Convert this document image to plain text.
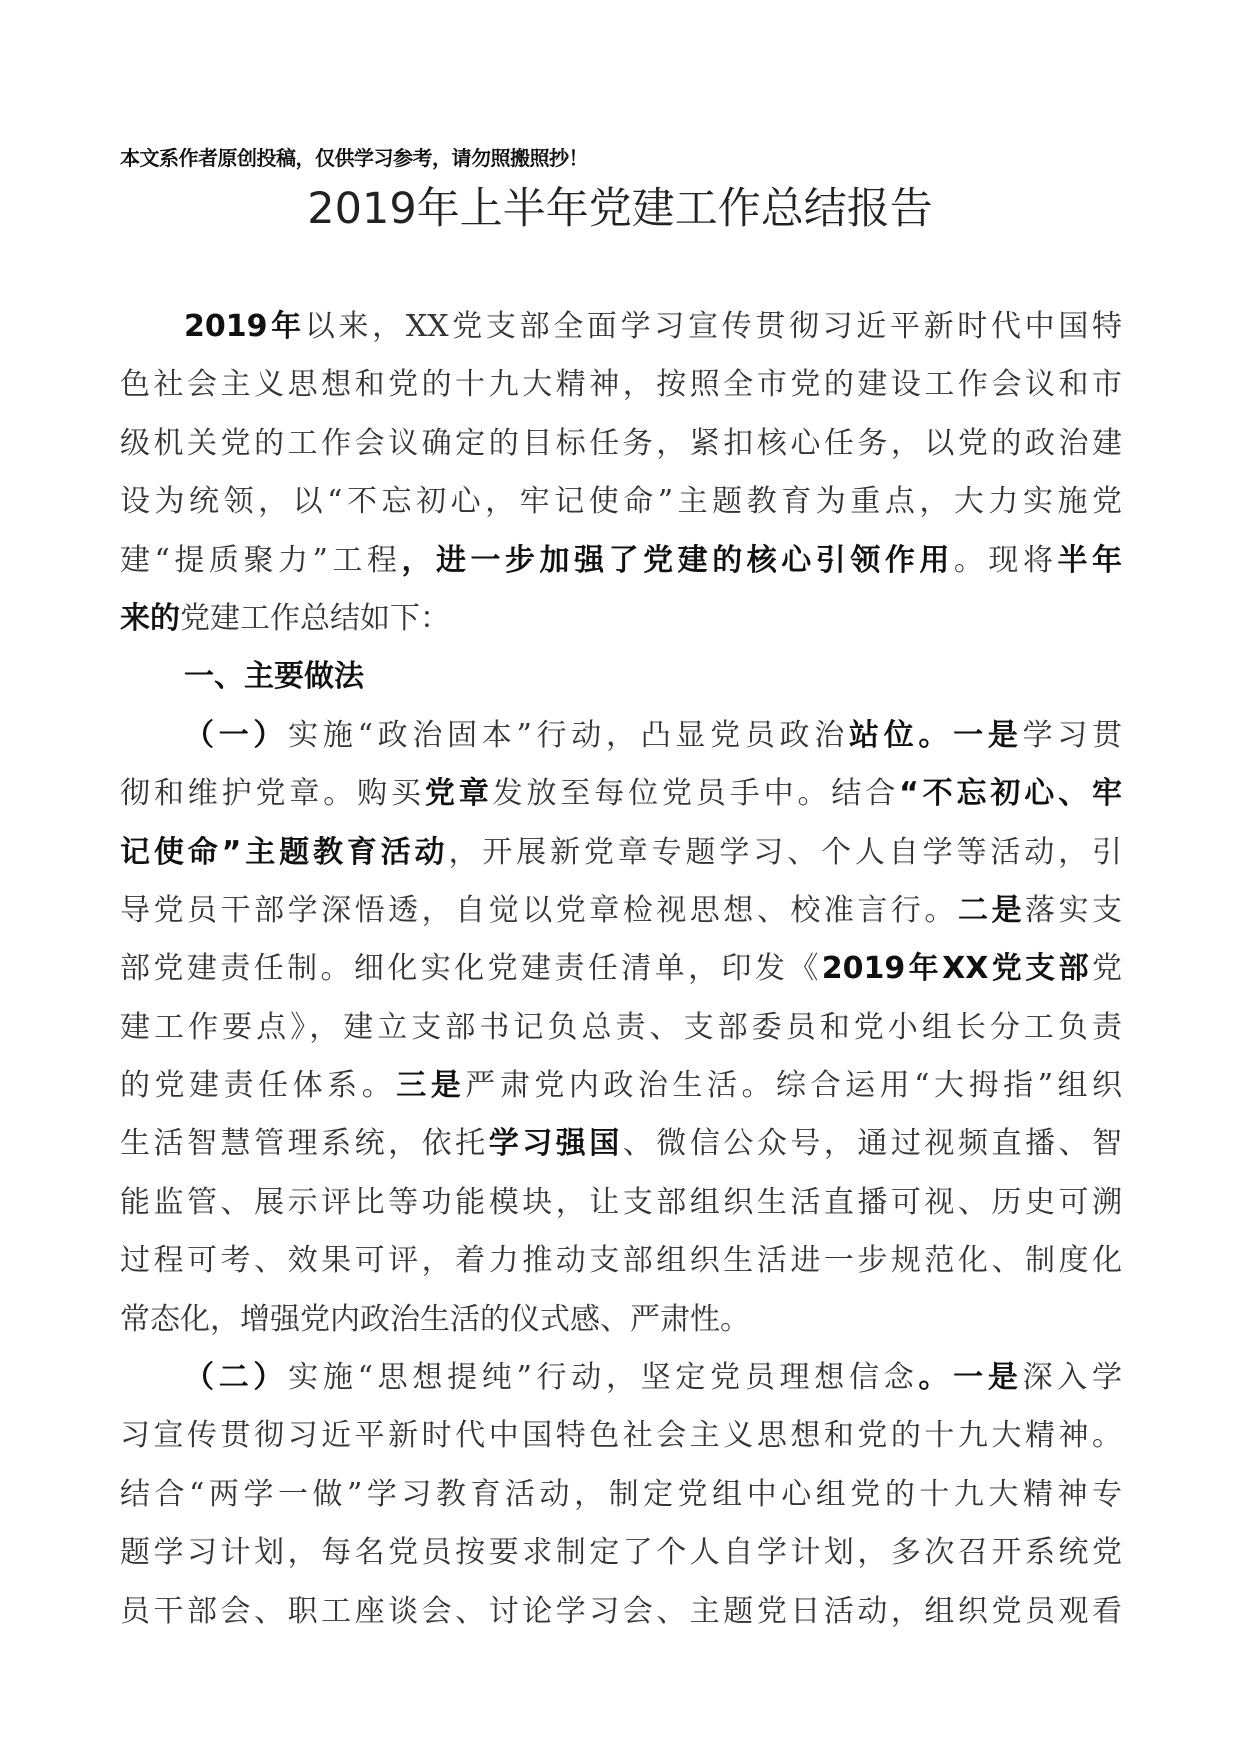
本文系作者原创投稿，仅供学习参考，请勿照搬照抄！
2019年上半年党建工作总结报告
2019年以来，XX党支部全面学习宣传贯彻习近平新时代中国特
色社会主义思想和党的十九大精神，按照全市党的建设工作会议和市
级机关党的工作会议确定的目标任务，紧扣核心任务，以党的政治建
设为统领，以“不忘初心，牢记使命”主题教育为重点，大力实施党
建“提质聚力”工程，进一步加强了党建的核心引领作用。现将半年
来的党建工作总结如下：
一、主要做法
（一）实施“政治固本”行动，凸显党员政治站位。一是学习贯
彻和维护党章。购买党章发放至每位党员手中。结合“不忘初心、牢
记使命”主题教育活动，开展新党章专题学习、个人自学等活动，引
导党员干部学深悟透，自觉以党章检视思想、校准言行。二是落实支
部党建责任制。细化实化党建责任清单，印发《2019年XX党支部党
建工作要点》，建立支部书记负总责、支部委员和党小组长分工负责
的党建责任体系。三是严肃党内政治生活。综合运用“大拇指”组织
生活智慧管理系统，依托学习强国、微信公众号，通过视频直播、智
能监管、展示评比等功能模块，让支部组织生活直播可视、历史可溯
过程可考、效果可评，着力推动支部组织生活进一步规范化、制度化
常态化，增强党内政治生活的仪式感、严肃性。
（二）实施“思想提纯”行动，坚定党员理想信念。一是深入学
习宣传贯彻习近平新时代中国特色社会主义思想和党的十九大精神。
结合“两学一做”学习教育活动，制定党组中心组党的十九大精神专
题学习计划，每名党员按要求制定了个人自学计划，多次召开系统党
员干部会、职工座谈会、讨论学习会、主题党日活动，组织党员观看
